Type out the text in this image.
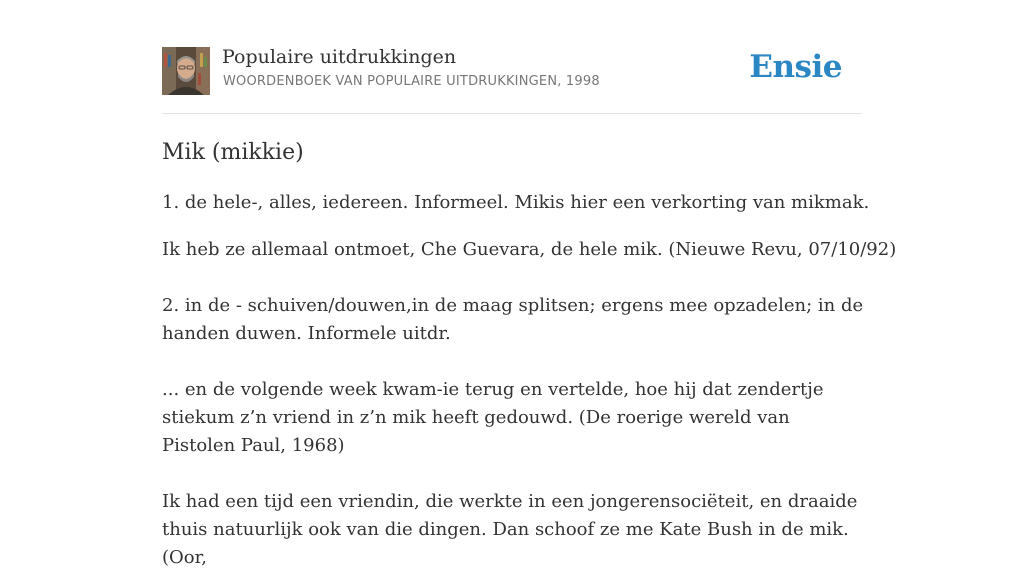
Populaire uitdrukkingen
WOORDENBOEK VAN POPULAIRE UITDRUKKINGEN, 1998	Ensie
Mik (mikkie)

1. de hele-, alles, iedereen. Informeel. Mikis hier een verkorting van mikmak.

Ik heb ze allemaal ontmoet, Che Guevara, de hele mik. (Nieuwe Revu, 07/10/92)

2. in de - schuiven/douwen,in de maag splitsen; ergens mee opzadelen; in de handen duwen. Informele uitdr.

... en de volgende week kwam-ie terug en vertelde, hoe hij dat zendertje stiekum z’n vriend in z’n mik heeft gedouwd. (De roerige wereld van Pistolen Paul, 1968)

Ik had een tijd een vriendin, die werkte in een jongerensociëteit, en draaide thuis natuurlijk ook van die dingen. Dan schoof ze me Kate Bush in de mik. (Oor,
